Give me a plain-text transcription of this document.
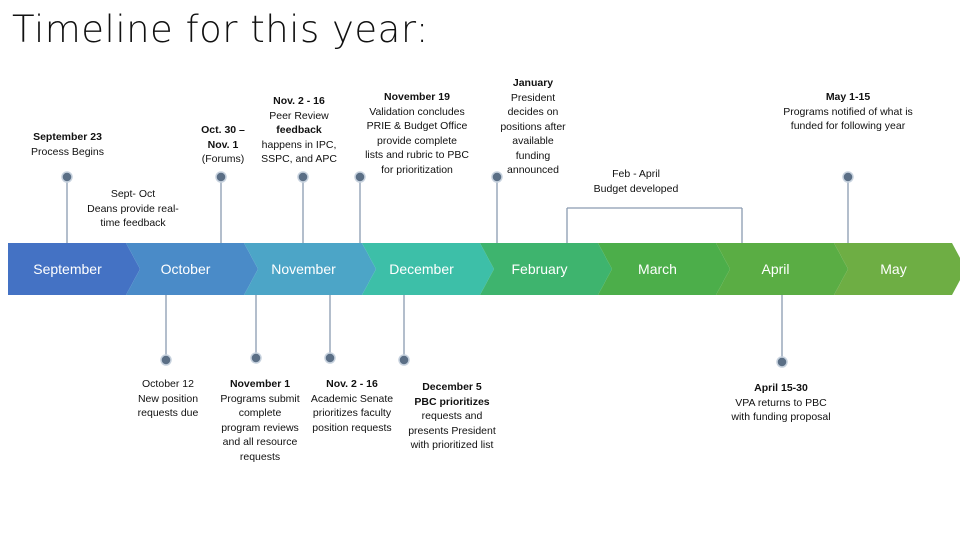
Timeline for this year:
September	October	November	December	February	March	April	May
September 23
Process Begins
Oct. 30 –
Nov. 1
(Forums)
Nov. 2 - 16
Peer Review
feedback
happens in IPC,
SSPC, and APC
November 19
Validation concludes
PRIE & Budget Office
provide complete
lists and rubric to PBC
for prioritization
January
President
decides on
positions after
available
funding
announced
May 1-15
Programs notified of what is
funded for following year
Sept- Oct
Deans provide real-
time feedback
Feb - April
Budget developed
October 12
New position
requests due
November 1
Programs submit
complete
program reviews
and all resource
requests
Nov. 2 - 16
Academic Senate
prioritizes faculty
position requests
December 5
PBC prioritizes
requests and
presents President
with prioritized list
April 15-30
VPA returns to PBC
with funding proposal
